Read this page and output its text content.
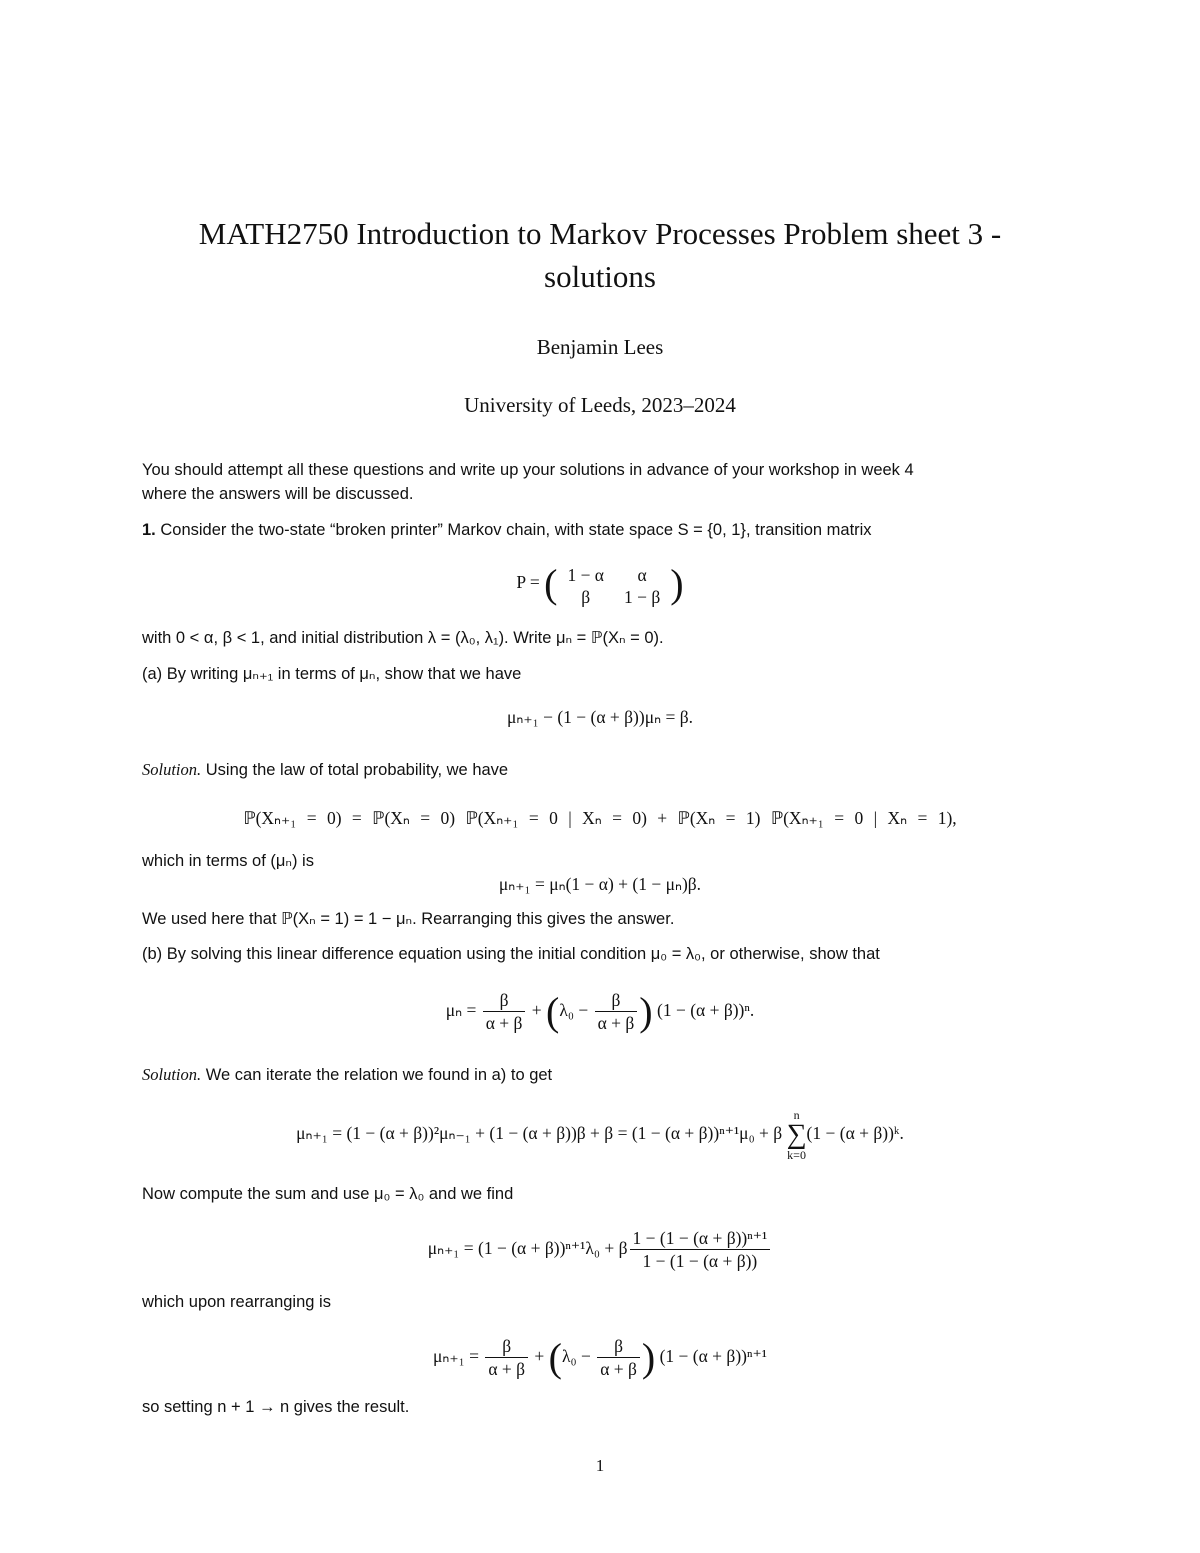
MATH2750 Introduction to Markov Processes Problem sheet 3 - solutions
Benjamin Lees
University of Leeds, 2023–2024
You should attempt all these questions and write up your solutions in advance of your workshop in week 4
where the answers will be discussed.
1. Consider the two-state “broken printer” Markov chain, with state space S = {0, 1}, transition matrix
P = ( 1 − α	α
β	1 − β )
with 0 < α, β < 1, and initial distribution λ = (λ₀, λ₁). Write μₙ = ℙ(Xₙ = 0).
(a) By writing μₙ₊₁ in terms of μₙ, show that we have
μₙ₊₁ − (1 − (α + β))μₙ = β.
Solution. Using the law of total probability, we have
ℙ(Xₙ₊₁ = 0) = ℙ(Xₙ = 0) ℙ(Xₙ₊₁ = 0 | Xₙ = 0) + ℙ(Xₙ = 1) ℙ(Xₙ₊₁ = 0 | Xₙ = 1),
which in terms of (μₙ) is
μₙ₊₁ = μₙ(1 − α) + (1 − μₙ)β.
We used here that ℙ(Xₙ = 1) = 1 − μₙ. Rearranging this gives the answer.
(b) By solving this linear difference equation using the initial condition μ₀ = λ₀, or otherwise, show that
$\mu_n = \frac{\beta}{\alpha + \beta} + (\lambda_0 - \frac{\beta}{\alpha + \beta}$ ) (1 − (α + β))ⁿ.
Solution. We can iterate the relation we found in a) to get
μₙ₊₁ = (1 − (α + β))²μₙ₋₁ + (1 − (α + β))β + β = (1 − (α + β))ⁿ⁺¹μ₀ + β
n
∑
k=0
(1 − (α + β))ᵏ.
Now compute the sum and use μ₀ = λ₀ and we find
μₙ₊₁ = (1 − (α + β))ⁿ⁺¹λ₀ + β $\frac{\text{1 − (1 − (α + β))ⁿ⁺¹}}{1 - (1 - (\alpha + \beta))}$
which upon rearranging is
$\mu_{n+1} = \frac{\beta}{\alpha + \beta} + (\lambda_0 - \frac{\beta}{\alpha + \beta}$ ) (1 − (α + β))ⁿ⁺¹
so setting n + 1 → n gives the result.
1
